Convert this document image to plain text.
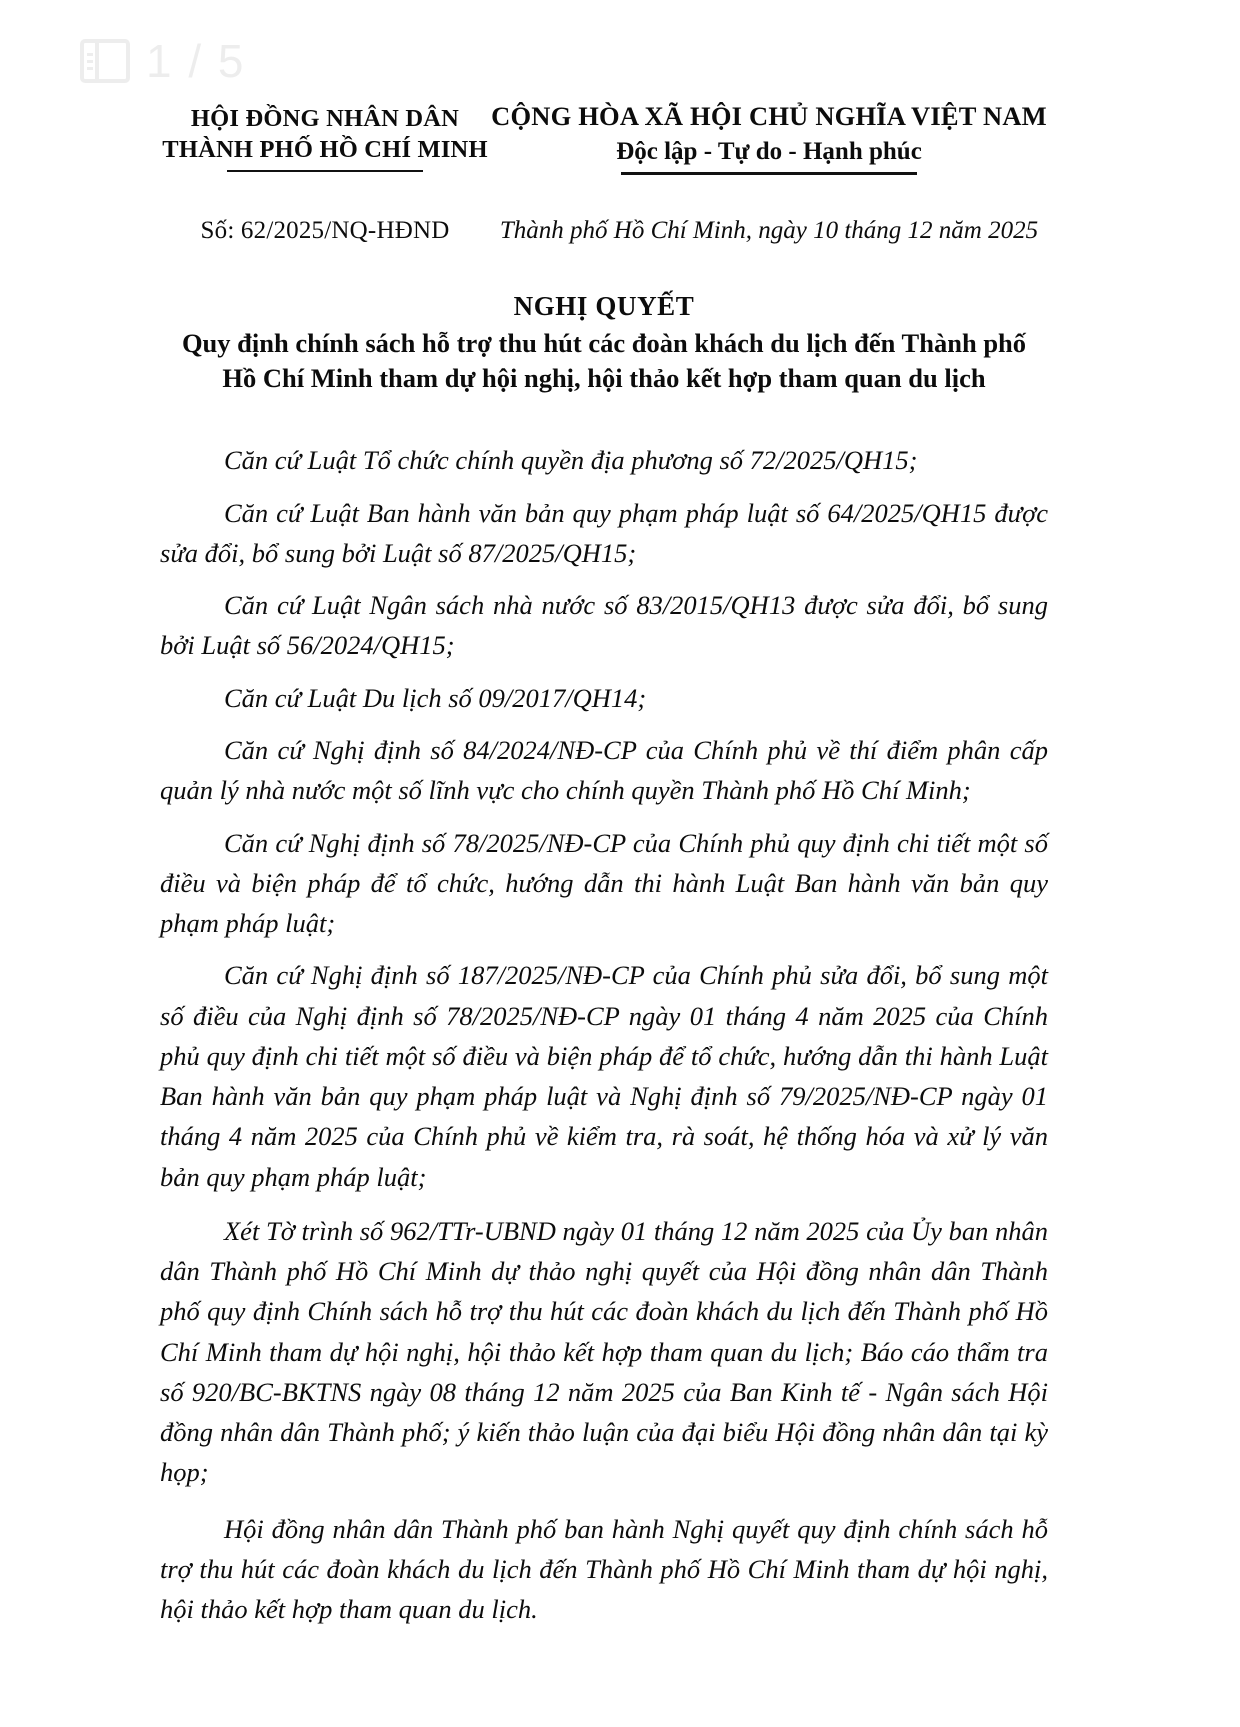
HỘI ĐỒNG NHÂN DÂN
THÀNH PHỐ HỒ CHÍ MINH
CỘNG HÒA XÃ HỘI CHỦ NGHĨA VIỆT NAM
Độc lập - Tự do - Hạnh phúc
Số: 62/2025/NQ-HĐND	Thành phố Hồ Chí Minh, ngày 10 tháng 12 năm 2025
NGHỊ QUYẾT
Quy định chính sách hỗ trợ thu hút các đoàn khách du lịch đến Thành phố Hồ Chí Minh tham dự hội nghị, hội thảo kết hợp tham quan du lịch

Căn cứ Luật Tổ chức chính quyền địa phương số 72/2025/QH15;

Căn cứ Luật Ban hành văn bản quy phạm pháp luật số 64/2025/QH15 được sửa đổi, bổ sung bởi Luật số 87/2025/QH15;

Căn cứ Luật Ngân sách nhà nước số 83/2015/QH13 được sửa đổi, bổ sung bởi Luật số 56/2024/QH15;

Căn cứ Luật Du lịch số 09/2017/QH14;

Căn cứ Nghị định số 84/2024/NĐ-CP của Chính phủ về thí điểm phân cấp quản lý nhà nước một số lĩnh vực cho chính quyền Thành phố Hồ Chí Minh;

Căn cứ Nghị định số 78/2025/NĐ-CP của Chính phủ quy định chi tiết một số điều và biện pháp để tổ chức, hướng dẫn thi hành Luật Ban hành văn bản quy phạm pháp luật;

Căn cứ Nghị định số 187/2025/NĐ-CP của Chính phủ sửa đổi, bổ sung một số điều của Nghị định số 78/2025/NĐ-CP ngày 01 tháng 4 năm 2025 của Chính phủ quy định chi tiết một số điều và biện pháp để tổ chức, hướng dẫn thi hành Luật Ban hành văn bản quy phạm pháp luật và Nghị định số 79/2025/NĐ-CP ngày 01 tháng 4 năm 2025 của Chính phủ về kiểm tra, rà soát, hệ thống hóa và xử lý văn bản quy phạm pháp luật;

Xét Tờ trình số 962/TTr-UBND ngày 01 tháng 12 năm 2025 của Ủy ban nhân dân Thành phố Hồ Chí Minh dự thảo nghị quyết của Hội đồng nhân dân Thành phố quy định Chính sách hỗ trợ thu hút các đoàn khách du lịch đến Thành phố Hồ Chí Minh tham dự hội nghị, hội thảo kết hợp tham quan du lịch; Báo cáo thẩm tra số 920/BC-BKTNS ngày 08 tháng 12 năm 2025 của Ban Kinh tế - Ngân sách Hội đồng nhân dân Thành phố; ý kiến thảo luận của đại biểu Hội đồng nhân dân tại kỳ họp;

Hội đồng nhân dân Thành phố ban hành Nghị quyết quy định chính sách hỗ trợ thu hút các đoàn khách du lịch đến Thành phố Hồ Chí Minh tham dự hội nghị, hội thảo kết hợp tham quan du lịch.

1 / 5
